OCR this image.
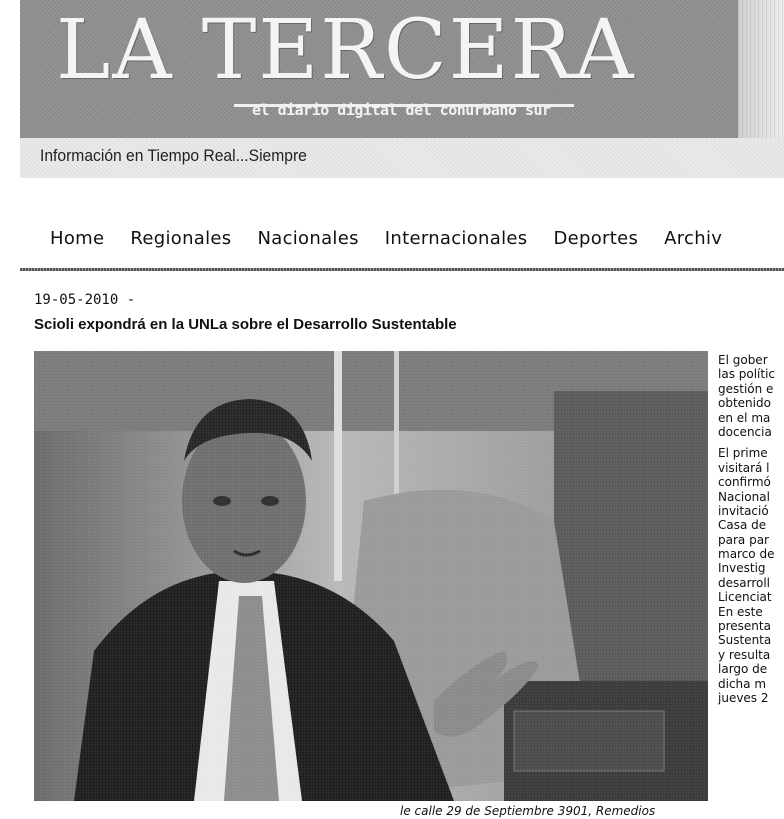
LA TERCERA
el diario digital del conurbano sur
Información en Tiempo Real...Siempre
Home Regionales Nacionales Internacionales Deportes Archiv
19-05-2010 -
Scioli expondrá en la UNLa sobre el Desarrollo Sustentable

El gober
las polític
gestión e
obtenido
en el ma
docencia

El prime
visitará l
confirmó
Nacional
invitació
Casa de
para par
marco de
Investig
desarroll
Licenciat
En este
presenta
Sustenta
y resulta
largo de
dicha m
jueves 2

le calle 29 de Septiembre 3901, Remedios
